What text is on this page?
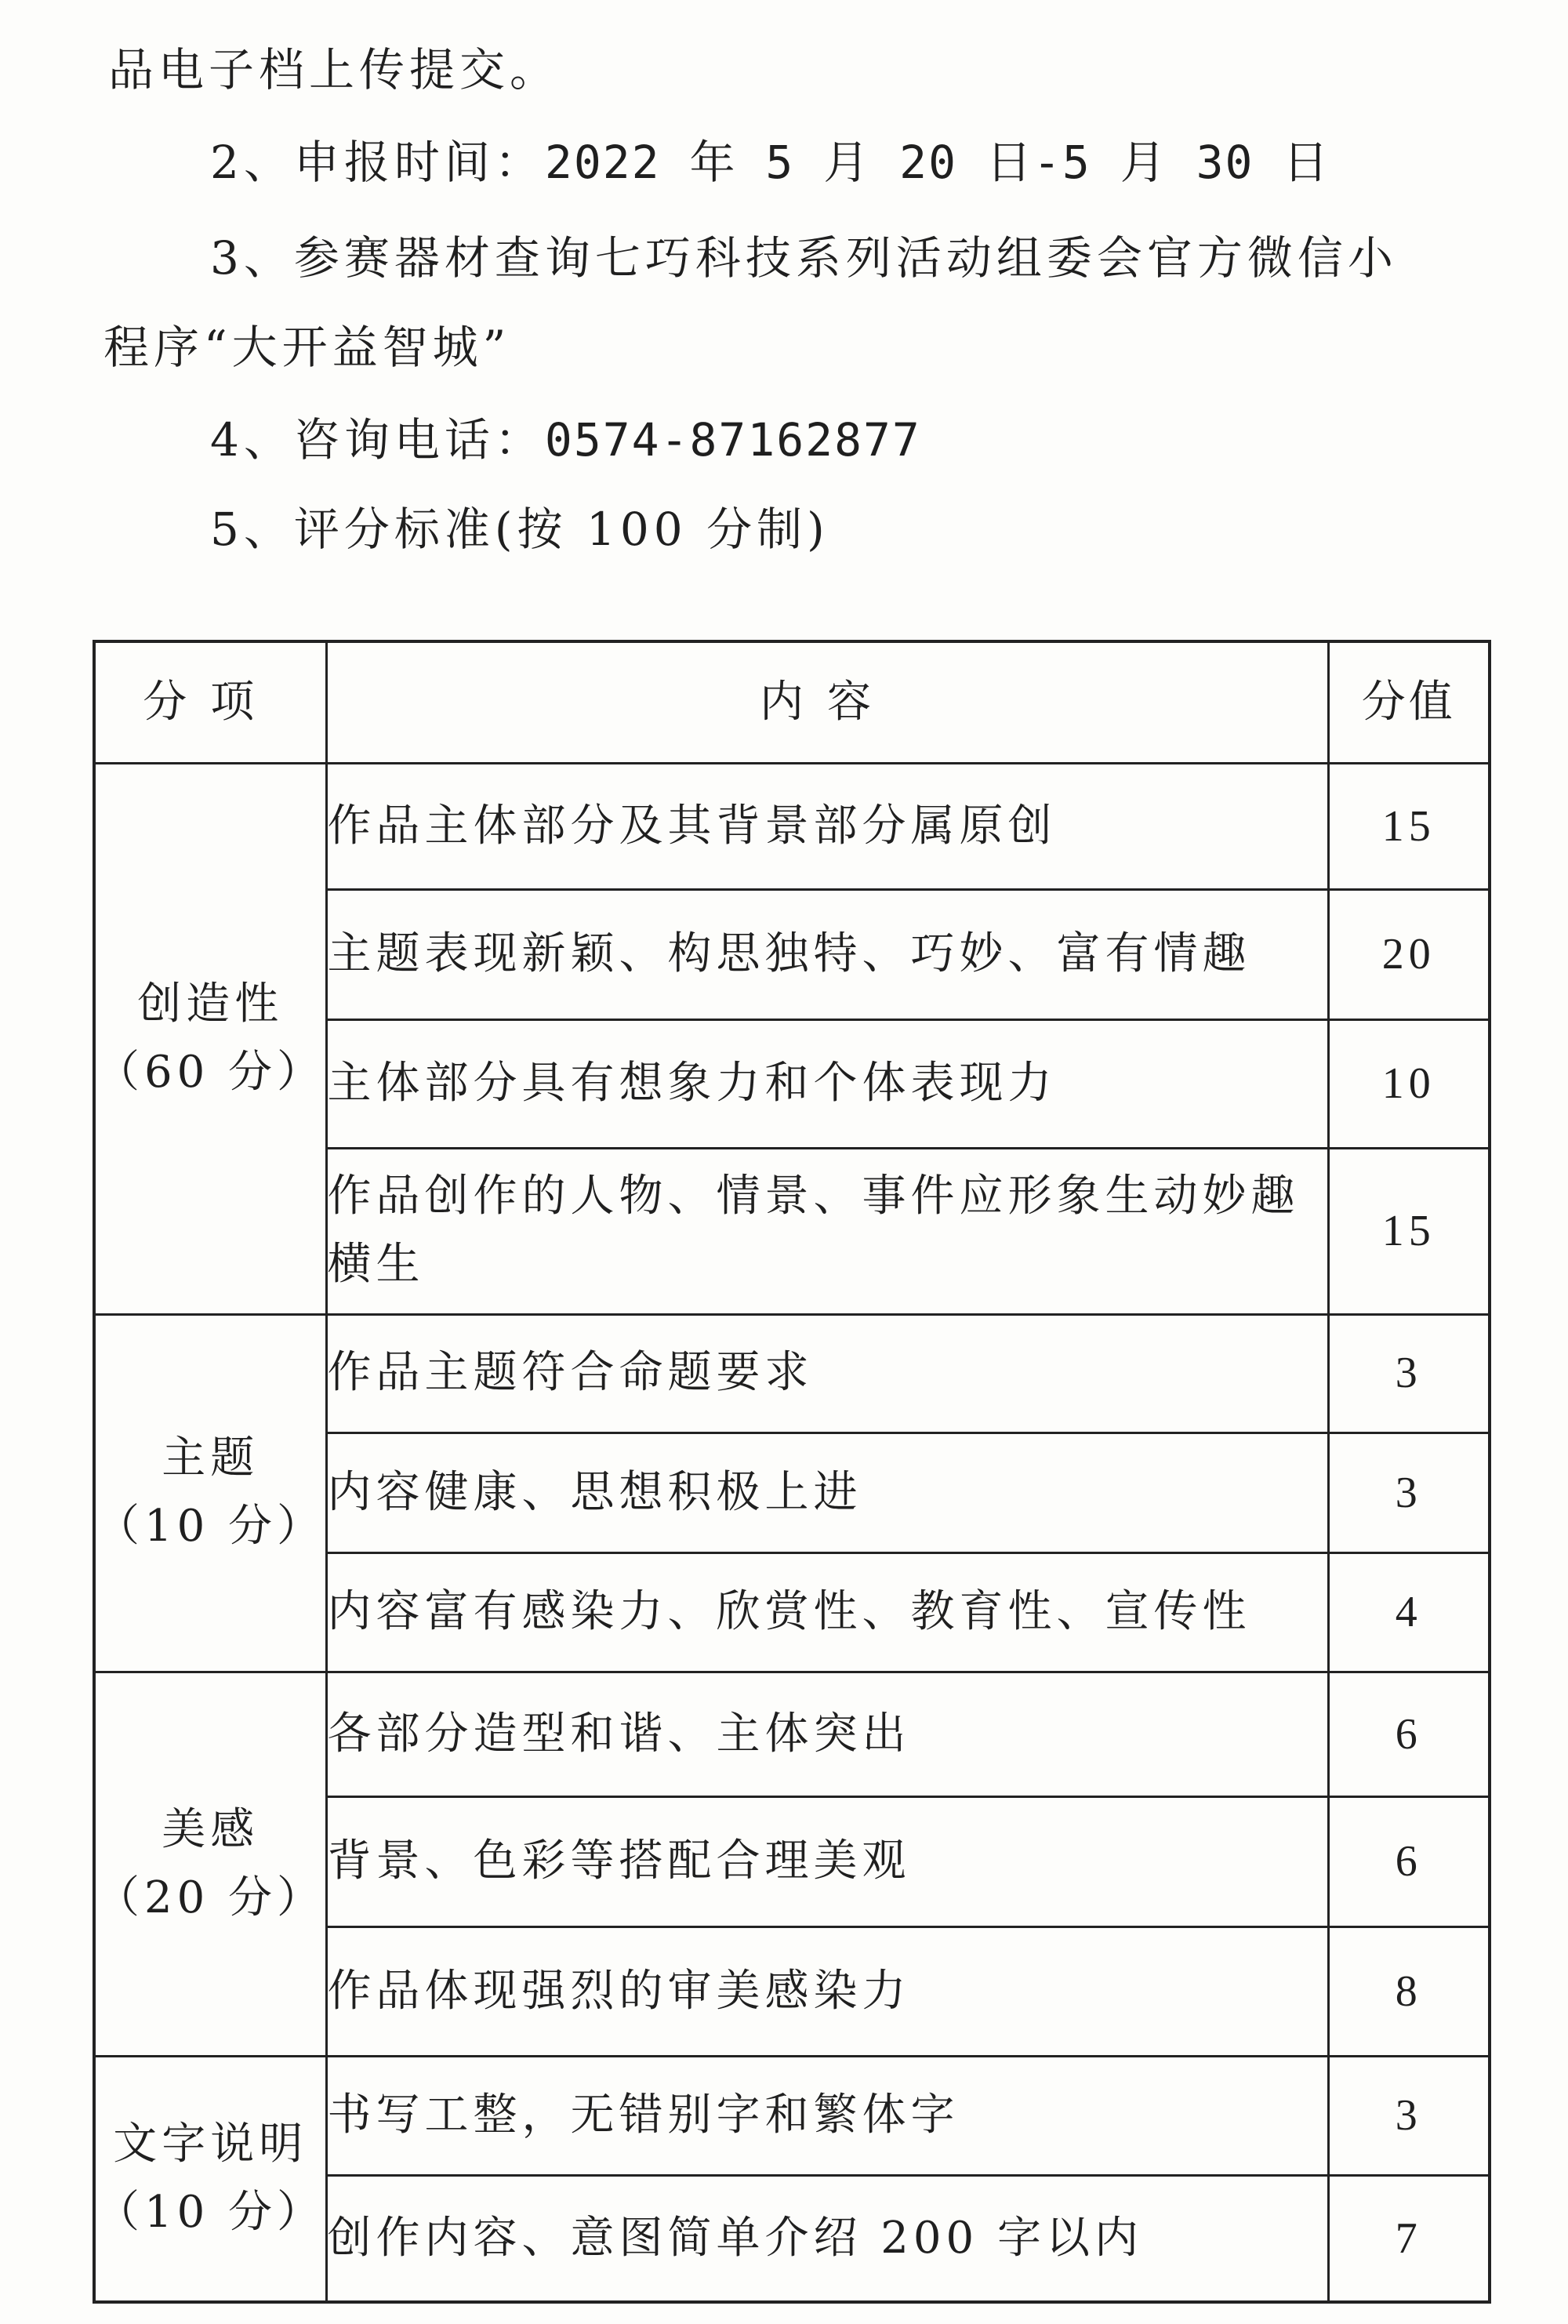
品电子档上传提交。
2、申报时间：2022 年 5 月 20 日-5 月 30 日
3、参赛器材查询七巧科技系列活动组委会官方微信小
程序“大开益智城”
4、咨询电话：0574-87162877
5、评分标准(按 100 分制)
分项	内容	分值

创造性
（60 分）	作品主体部分及其背景部分属原创	15
	主题表现新颖、构思独特、巧妙、富有情趣	20
	主体部分具有想象力和个体表现力	10
	作品创作的人物、情景、事件应形象生动妙趣横生	15

主题
（10 分）	作品主题符合命题要求	3
	内容健康、思想积极上进	3
	内容富有感染力、欣赏性、教育性、宣传性	4

美感
（20 分）	各部分造型和谐、主体突出	6
	背景、色彩等搭配合理美观	6
	作品体现强烈的审美感染力	8

文字说明
（10 分）	书写工整，无错别字和繁体字	3
	创作内容、意图简单介绍 200 字以内	7
